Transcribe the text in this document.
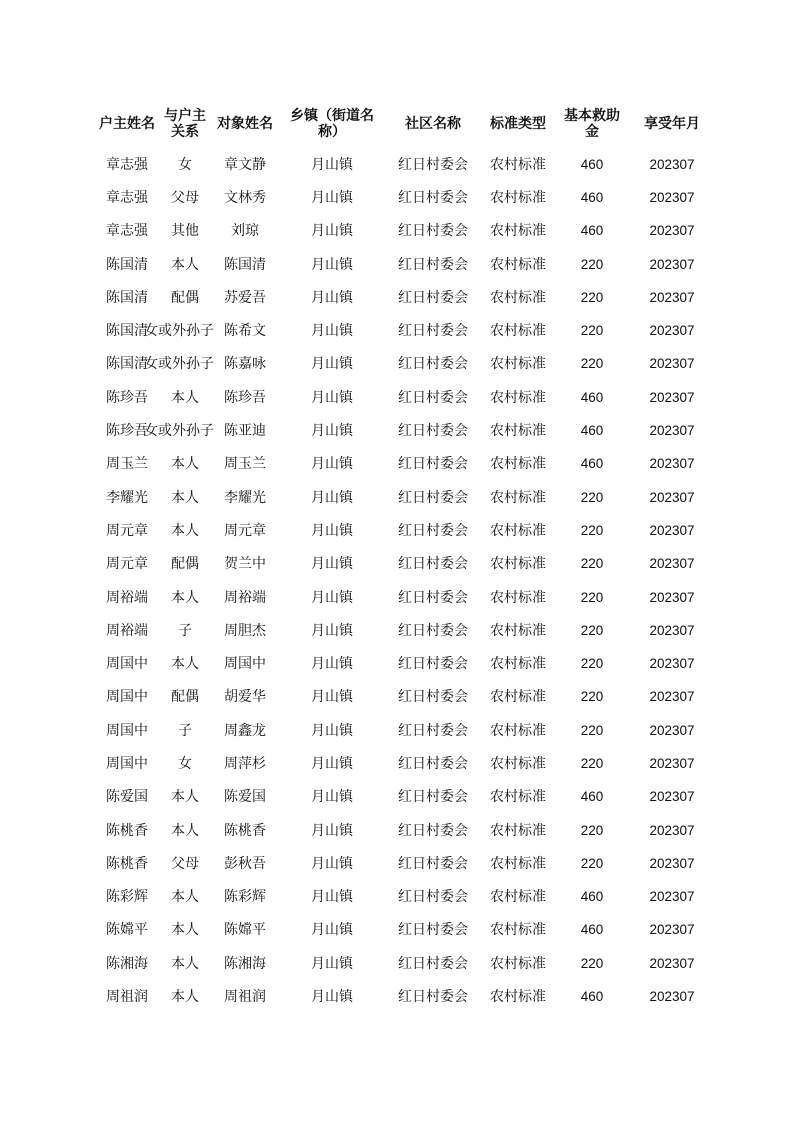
户主姓名	与户主关系	对象姓名	乡镇（街道名称）	社区名称	标准类型	基本救助金	享受年月
章志强	女	章文静	月山镇	红日村委会	农村标准	460	202307
章志强	父母	文林秀	月山镇	红日村委会	农村标准	460	202307
章志强	其他	刘琼	月山镇	红日村委会	农村标准	460	202307
陈国清	本人	陈国清	月山镇	红日村委会	农村标准	220	202307
陈国清	配偶	苏爱吾	月山镇	红日村委会	农村标准	220	202307
陈国清	女或外孙子	陈希文	月山镇	红日村委会	农村标准	220	202307
陈国清	女或外孙子	陈嘉咏	月山镇	红日村委会	农村标准	220	202307
陈珍吾	本人	陈珍吾	月山镇	红日村委会	农村标准	460	202307
陈珍吾	女或外孙子	陈亚迪	月山镇	红日村委会	农村标准	460	202307
周玉兰	本人	周玉兰	月山镇	红日村委会	农村标准	460	202307
李耀光	本人	李耀光	月山镇	红日村委会	农村标准	220	202307
周元章	本人	周元章	月山镇	红日村委会	农村标准	220	202307
周元章	配偶	贺兰中	月山镇	红日村委会	农村标准	220	202307
周裕端	本人	周裕端	月山镇	红日村委会	农村标准	220	202307
周裕端	子	周胆杰	月山镇	红日村委会	农村标准	220	202307
周国中	本人	周国中	月山镇	红日村委会	农村标准	220	202307
周国中	配偶	胡爱华	月山镇	红日村委会	农村标准	220	202307
周国中	子	周鑫龙	月山镇	红日村委会	农村标准	220	202307
周国中	女	周萍杉	月山镇	红日村委会	农村标准	220	202307
陈爱国	本人	陈爱国	月山镇	红日村委会	农村标准	460	202307
陈桃香	本人	陈桃香	月山镇	红日村委会	农村标准	220	202307
陈桃香	父母	彭秋吾	月山镇	红日村委会	农村标准	220	202307
陈彩辉	本人	陈彩辉	月山镇	红日村委会	农村标准	460	202307
陈嫦平	本人	陈嫦平	月山镇	红日村委会	农村标准	460	202307
陈湘海	本人	陈湘海	月山镇	红日村委会	农村标准	220	202307
周祖润	本人	周祖润	月山镇	红日村委会	农村标准	460	202307
